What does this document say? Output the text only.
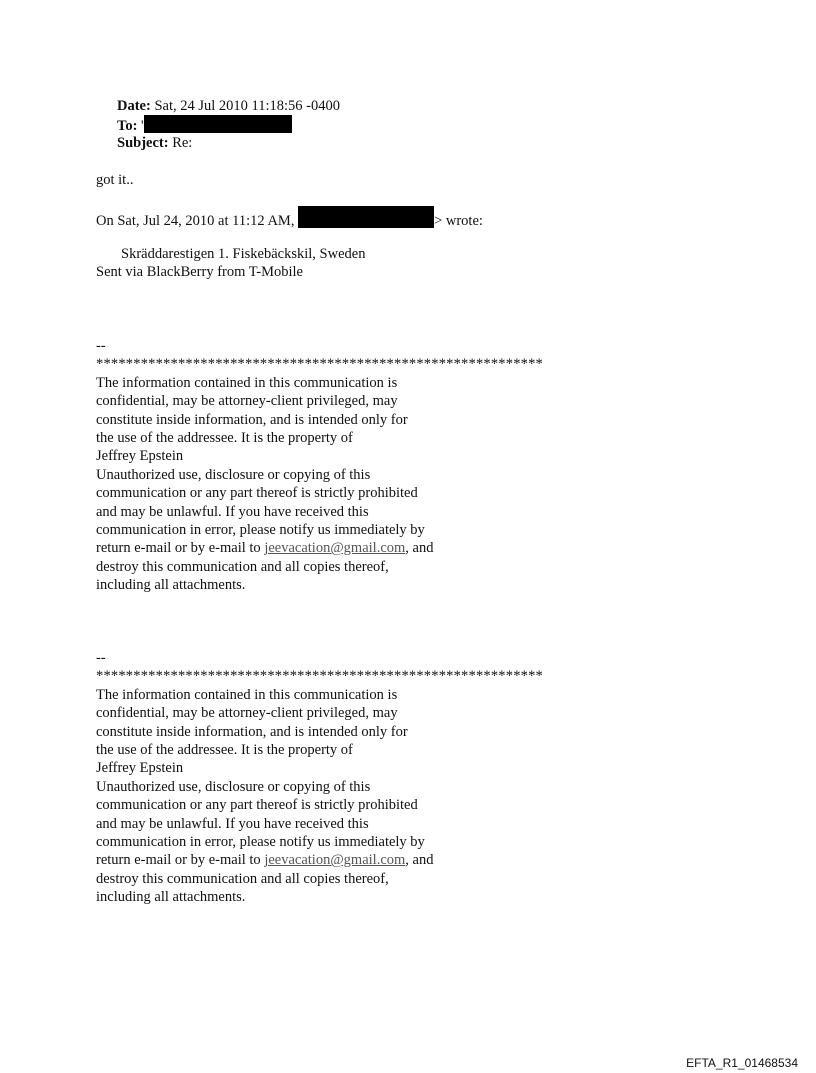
Date: Sat, 24 Jul 2010 11:18:56 -0400
To: '
Subject: Re:
got it..
On Sat, Jul 24, 2010 at 11:12 AM,	> wrote:
Skräddarestigen 1. Fiskebäckskil, Sweden
Sent via BlackBerry from T-Mobile
--
************************************************************
The information contained in this communication is
confidential, may be attorney-client privileged, may
constitute inside information, and is intended only for
the use of the addressee. It is the property of
Jeffrey Epstein
Unauthorized use, disclosure or copying of this
communication or any part thereof is strictly prohibited
and may be unlawful. If you have received this
communication in error, please notify us immediately by
return e-mail or by e-mail to jeevacation@gmail.com, and
destroy this communication and all copies thereof,
including all attachments.
--
************************************************************
The information contained in this communication is
confidential, may be attorney-client privileged, may
constitute inside information, and is intended only for
the use of the addressee. It is the property of
Jeffrey Epstein
Unauthorized use, disclosure or copying of this
communication or any part thereof is strictly prohibited
and may be unlawful. If you have received this
communication in error, please notify us immediately by
return e-mail or by e-mail to jeevacation@gmail.com, and
destroy this communication and all copies thereof,
including all attachments.
EFTA_R1_01468534
